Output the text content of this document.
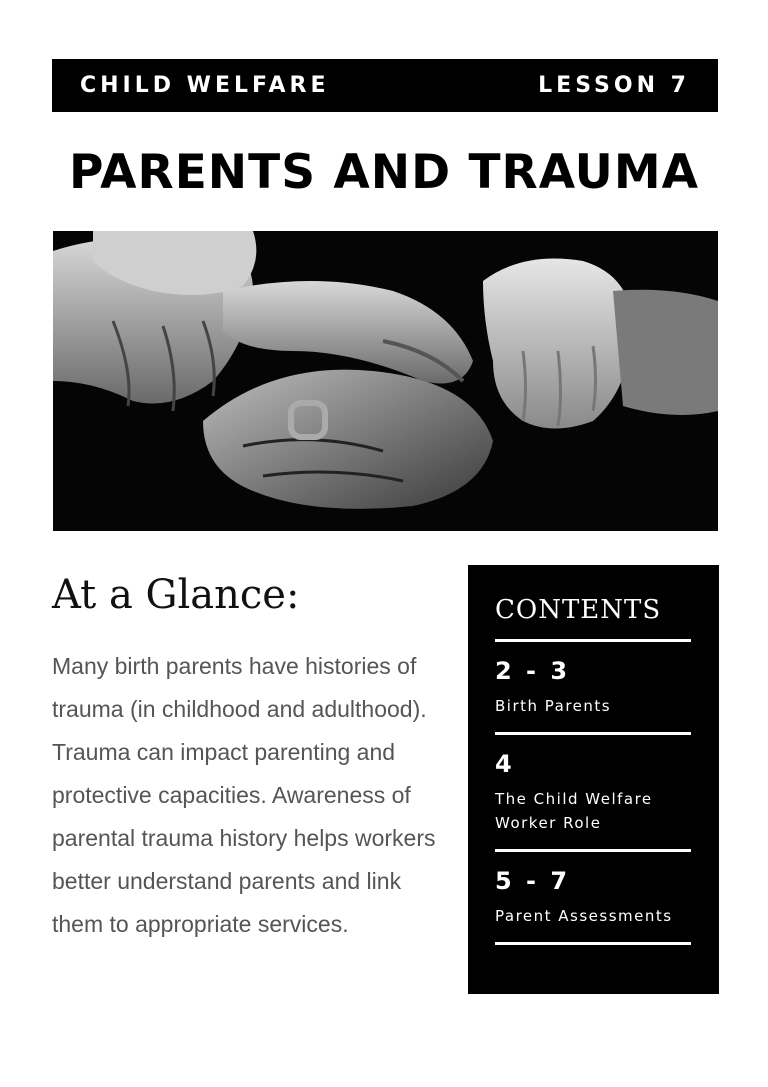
CHILD WELFARE	LESSON 7
PARENTS AND TRAUMA
At a Glance:

Many birth parents have histories of trauma (in childhood and adulthood). Trauma can impact parenting and protective capacities. Awareness of parental trauma history helps workers better understand parents and link them to appropriate services.

CONTENTS
2 - 3
Birth Parents
4
The Child Welfare Worker Role
5 - 7
Parent Assessments
